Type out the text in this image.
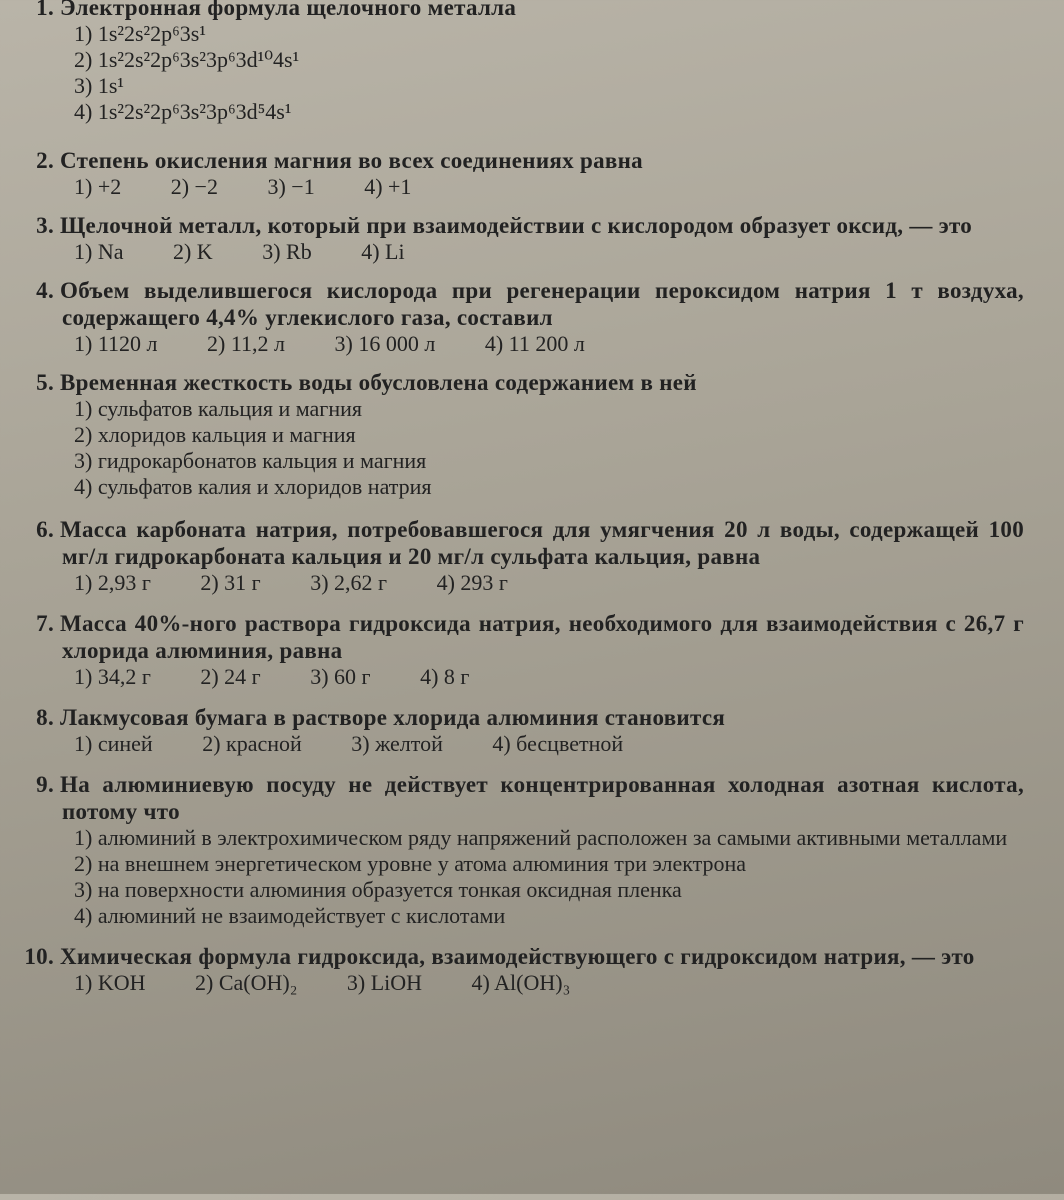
1. Электронная формула щелочного металла
1) 1s²2s²2p⁶3s¹
2) 1s²2s²2p⁶3s²3p⁶3d¹⁰4s¹
3) 1s¹
4) 1s²2s²2p⁶3s²3p⁶3d⁵4s¹
2. Степень окисления магния во всех соединениях равна
1) +2 2) −2 3) −1 4) +1
3. Щелочной металл, который при взаимодействии с кислородом образует оксид, — это
1) Na 2) K 3) Rb 4) Li
4. Объем выделившегося кислорода при регенерации пероксидом натрия 1 т воздуха, содержащего 4,4% углекислого газа, составил
1) 1120 л 2) 11,2 л 3) 16 000 л 4) 11 200 л
5. Временная жесткость воды обусловлена содержанием в ней
1) сульфатов кальция и магния
2) хлоридов кальция и магния
3) гидрокарбонатов кальция и магния
4) сульфатов калия и хлоридов натрия
6. Масса карбоната натрия, потребовавшегося для умягчения 20 л воды, содержащей 100 мг/л гидрокарбоната кальция и 20 мг/л сульфата кальция, равна
1) 2,93 г 2) 31 г 3) 2,62 г 4) 293 г
7. Масса 40%-ного раствора гидроксида натрия, необходимого для взаимодействия с 26,7 г хлорида алюминия, равна
1) 34,2 г 2) 24 г 3) 60 г 4) 8 г
8. Лакмусовая бумага в растворе хлорида алюминия становится
1) синей 2) красной 3) желтой 4) бесцветной
9. На алюминиевую посуду не действует концентрированная холодная азотная кислота, потому что
1) алюминий в электрохимическом ряду напряжений расположен за самыми активными металлами
2) на внешнем энергетическом уровне у атома алюминия три электрона
3) на поверхности алюминия образуется тонкая оксидная пленка
4) алюминий не взаимодействует с кислотами
10. Химическая формула гидроксида, взаимодействующего с гидроксидом натрия, — это
1) KOH 2) Ca(OH)₂ 3) LiOH 4) Al(OH)₃
